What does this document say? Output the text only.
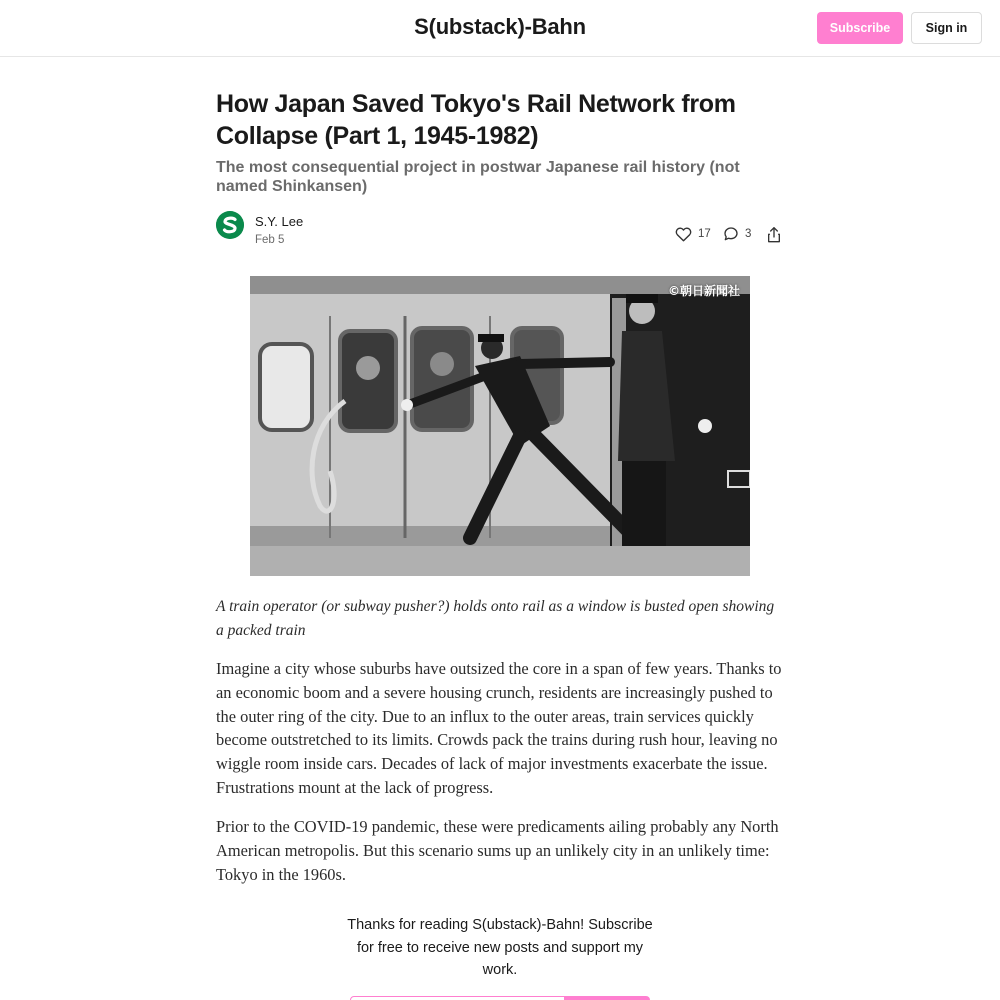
S(ubstack)-Bahn	Subscribe	Sign in
How Japan Saved Tokyo's Rail Network from Collapse (Part 1, 1945-1982)
The most consequential project in postwar Japanese rail history (not named Shinkansen)
S.Y. Lee
Feb 5	17	3
©朝日新聞社
A train operator (or subway pusher?) holds onto rail as a window is busted open showing a packed train

Imagine a city whose suburbs have outsized the core in a span of few years. Thanks to an economic boom and a severe housing crunch, residents are increasingly pushed to the outer ring of the city. Due to an influx to the outer areas, train services quickly become outstretched to its limits. Crowds pack the trains during rush hour, leaving no wiggle room inside cars. Decades of lack of major investments exacerbate the issue. Frustrations mount at the lack of progress.

Prior to the COVID-19 pandemic, these were predicaments ailing probably any North American metropolis. But this scenario sums up an unlikely city in an unlikely time: Tokyo in the 1960s.

Thanks for reading S(ubstack)-Bahn! Subscribe for free to receive new posts and support my work.
